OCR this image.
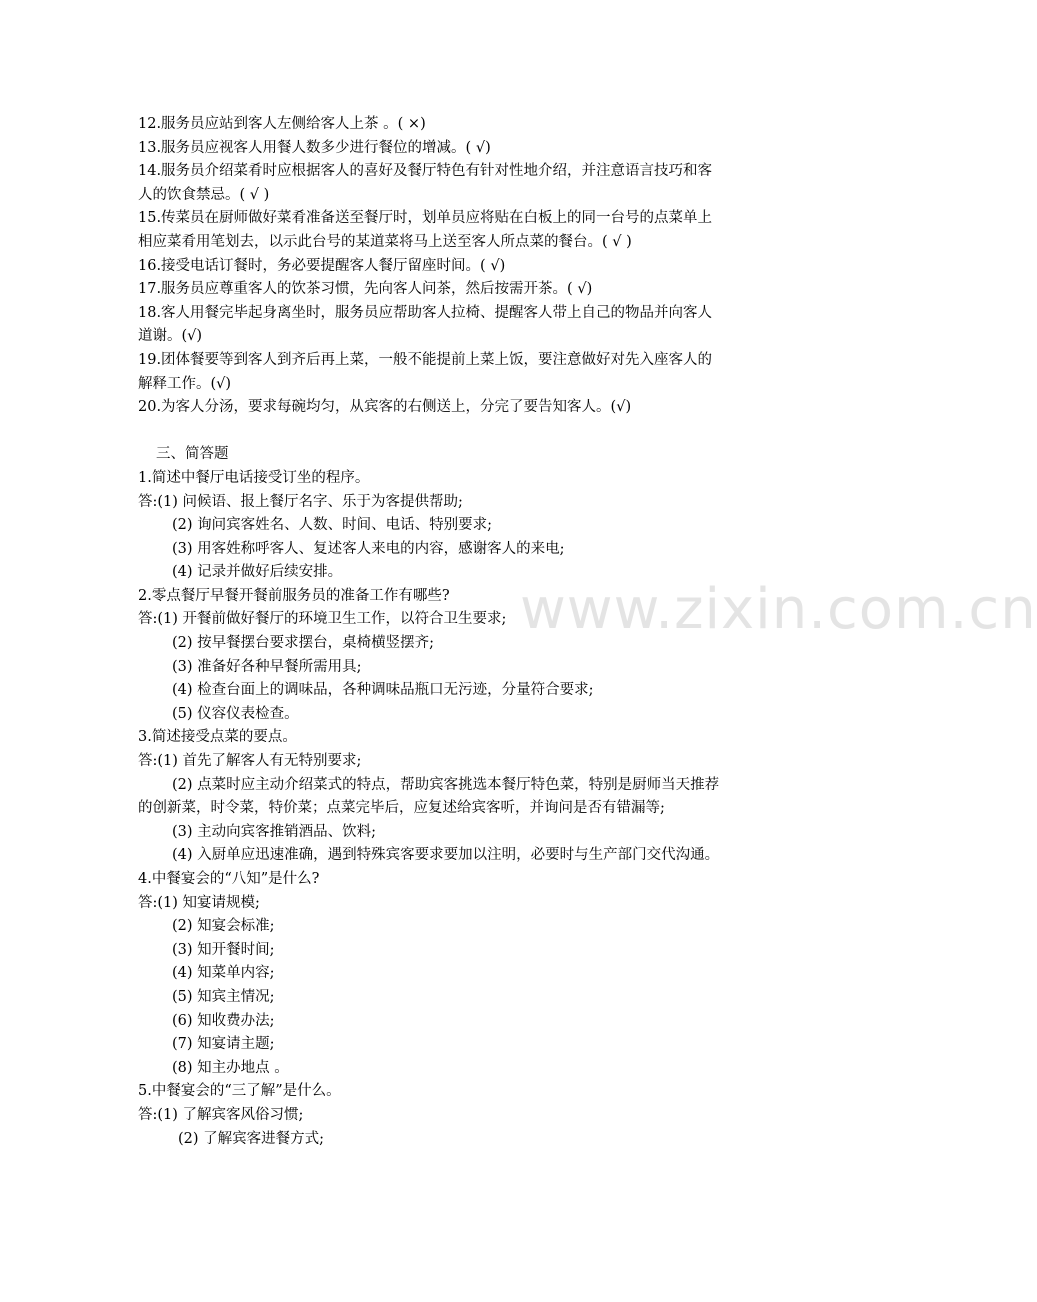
www.zixin.com.cn
12.服务员应站到客人左侧给客人上茶 。( ×)
13.服务员应视客人用餐人数多少进行餐位的增减。( √)
14.服务员介绍菜肴时应根据客人的喜好及餐厅特色有针对性地介绍，并注意语言技巧和客
人的饮食禁忌。( √ )
15.传菜员在厨师做好菜肴准备送至餐厅时，划单员应将贴在白板上的同一台号的点菜单上
相应菜肴用笔划去，以示此台号的某道菜将马上送至客人所点菜的餐台。( √ )
16.接受电话订餐时，务必要提醒客人餐厅留座时间。( √)
17.服务员应尊重客人的饮茶习惯，先向客人问茶，然后按需开茶。( √)
18.客人用餐完毕起身离坐时，服务员应帮助客人拉椅、提醒客人带上自己的物品并向客人
道谢。(√)
19.团体餐要等到客人到齐后再上菜，一般不能提前上菜上饭，要注意做好对先入座客人的
解释工作。(√)
20.为客人分汤，要求每碗均匀，从宾客的右侧送上，分完了要告知客人。(√)
三、简答题
1.简述中餐厅电话接受订坐的程序。
答:(1) 问候语、报上餐厅名字、乐于为客提供帮助;
(2) 询问宾客姓名、人数、时间、电话、特别要求;
(3) 用客姓称呼客人、复述客人来电的内容，感谢客人的来电;
(4) 记录并做好后续安排。
2.零点餐厅早餐开餐前服务员的准备工作有哪些?
答:(1) 开餐前做好餐厅的环境卫生工作，以符合卫生要求;
(2) 按早餐摆台要求摆台，桌椅横竖摆齐;
(3) 准备好各种早餐所需用具;
(4) 检查台面上的调味品，各种调味品瓶口无污迹，分量符合要求;
(5) 仪容仪表检查。
3.简述接受点菜的要点。
答:(1) 首先了解客人有无特别要求;
(2) 点菜时应主动介绍菜式的特点，帮助宾客挑选本餐厅特色菜，特别是厨师当天推荐
的创新菜，时令菜，特价菜；点菜完毕后，应复述给宾客听，并询问是否有错漏等;
(3) 主动向宾客推销酒品、饮料;
(4) 入厨单应迅速准确，遇到特殊宾客要求要加以注明，必要时与生产部门交代沟通。
4.中餐宴会的“八知”是什么?
答:(1) 知宴请规模;
(2) 知宴会标准;
(3) 知开餐时间;
(4) 知菜单内容;
(5) 知宾主情况;
(6) 知收费办法;
(7) 知宴请主题;
(8) 知主办地点 。
5.中餐宴会的“三了解”是什么。
答:(1) 了解宾客风俗习惯;
(2) 了解宾客进餐方式;
